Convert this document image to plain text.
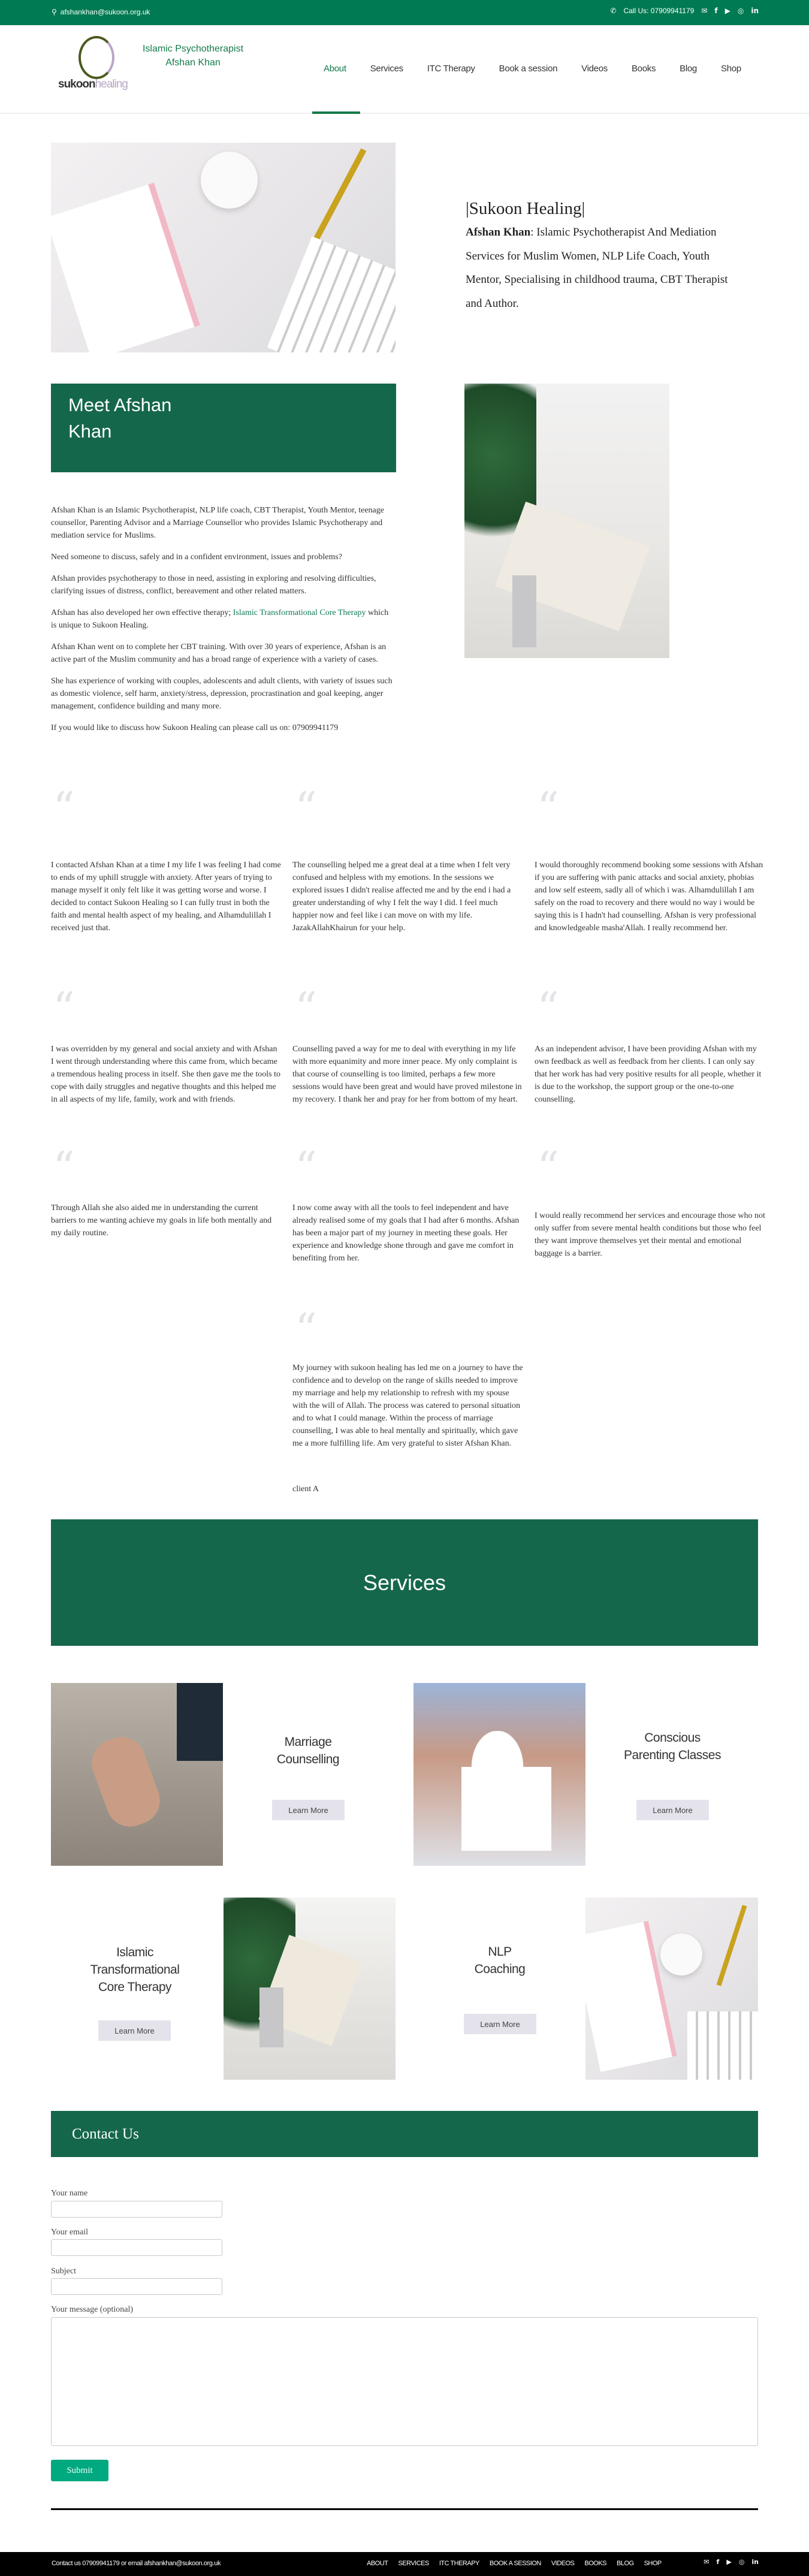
⚲ afshankhan@sukoon.org.uk	✆ Call Us: 07909941179 ✉ f ▶ ◎ in
sukoonhealing
Islamic Psychotherapist
Afshan Khan
About	Services	ITC Therapy	Book a session	Videos	Books	Blog	Shop
|Sukoon Healing|

Afshan Khan: Islamic Psychotherapist And Mediation Services for Muslim Women, NLP Life Coach, Youth Mentor, Specialising in childhood trauma, CBT Therapist and Author.

Meet Afshan
Khan

Afshan Khan is an Islamic Psychotherapist, NLP life coach, CBT Therapist, Youth Mentor, teenage counsellor, Parenting Advisor and a Marriage Counsellor who provides Islamic Psychotherapy and mediation service for Muslims.

Need someone to discuss, safely and in a confident environment, issues and problems?

Afshan provides psychotherapy to those in need, assisting in exploring and resolving difficulties, clarifying issues of distress, conflict, bereavement and other related matters.

Afshan has also developed her own effective therapy; Islamic Transformational Core Therapy which is unique to Sukoon Healing.

Afshan Khan went on to complete her CBT training. With over 30 years of experience, Afshan is an active part of the Muslim community and has a broad range of experience with a variety of cases.

She has experience of working with couples, adolescents and adult clients, with variety of issues such as domestic violence, self harm, anxiety/stress, depression, procrastination and goal keeping, anger management, confidence building and many more.

If you would like to discuss how Sukoon Healing can please call us on: 07909941179

“
I contacted Afshan Khan at a time I my life I was feeling I had come to ends of my uphill struggle with anxiety. After years of trying to manage myself it only felt like it was getting worse and worse. I decided to contact Sukoon Healing so I can fully trust in both the faith and mental health aspect of my healing, and Alhamdulillah I received just that.
“
The counselling helped me a great deal at a time when I felt very confused and helpless with my emotions. In the sessions we explored issues I didn't realise affected me and by the end i had a greater understanding of why I felt the way I did. I feel much happier now and feel like i can move on with my life. JazakAllahKhairun for your help.
“
I would thoroughly recommend booking some sessions with Afshan if you are suffering with panic attacks and social anxiety, phobias and low self esteem, sadly all of which i was. Alhamdulillah I am safely on the road to recovery and there would no way i would be saying this is I hadn't had counselling. Afshan is very professional and knowledgeable masha'Allah. I really recommend her.
“
I was overridden by my general and social anxiety and with Afshan I went through understanding where this came from, which became a tremendous healing process in itself. She then gave me the tools to cope with daily struggles and negative thoughts and this helped me in all aspects of my life, family, work and with friends.
“
Counselling paved a way for me to deal with everything in my life with more equanimity and more inner peace. My only complaint is that course of counselling is too limited, perhaps a few more sessions would have been great and would have proved milestone in my recovery. I thank her and pray for her from bottom of my heart.
“
As an independent advisor, I have been providing Afshan with my own feedback as well as feedback from her clients. I can only say that her work has had very positive results for all people, whether it is due to the workshop, the support group or the one-to-one counselling.
“
Through Allah she also aided me in understanding the current barriers to me wanting achieve my goals in life both mentally and my daily routine.
“
I now come away with all the tools to feel independent and have already realised some of my goals that I had after 6 months. Afshan has been a major part of my journey in meeting these goals. Her experience and knowledge shone through and gave me comfort in benefiting from her.
“
I would really recommend her services and encourage those who not only suffer from severe mental health conditions but those who feel they want improve themselves yet their mental and emotional baggage is a barrier.
“
My journey with sukoon healing has led me on a journey to have the confidence and to develop on the range of skills needed to improve my marriage and help my relationship to refresh with my spouse with the will of Allah. The process was catered to personal situation and to what I could manage. Within the process of marriage counselling, I was able to heal mentally and spiritually, which gave me a more fulfilling life. Am very grateful to sister Afshan Khan.
client A
Services
Marriage
Counselling
Learn More
Conscious
Parenting Classes
Learn More
Islamic
Transformational
Core Therapy
Learn More
NLP
Coaching
Learn More
Contact Us
Your name
Your email
Subject
Your message (optional)
Submit
Contact us 07909941179 or email afshankhan@sukoon.org.uk	ABOUT SERVICES ITC THERAPY BOOK A SESSION VIDEOS BOOKS BLOG SHOP	✉ f ▶ ◎ in
